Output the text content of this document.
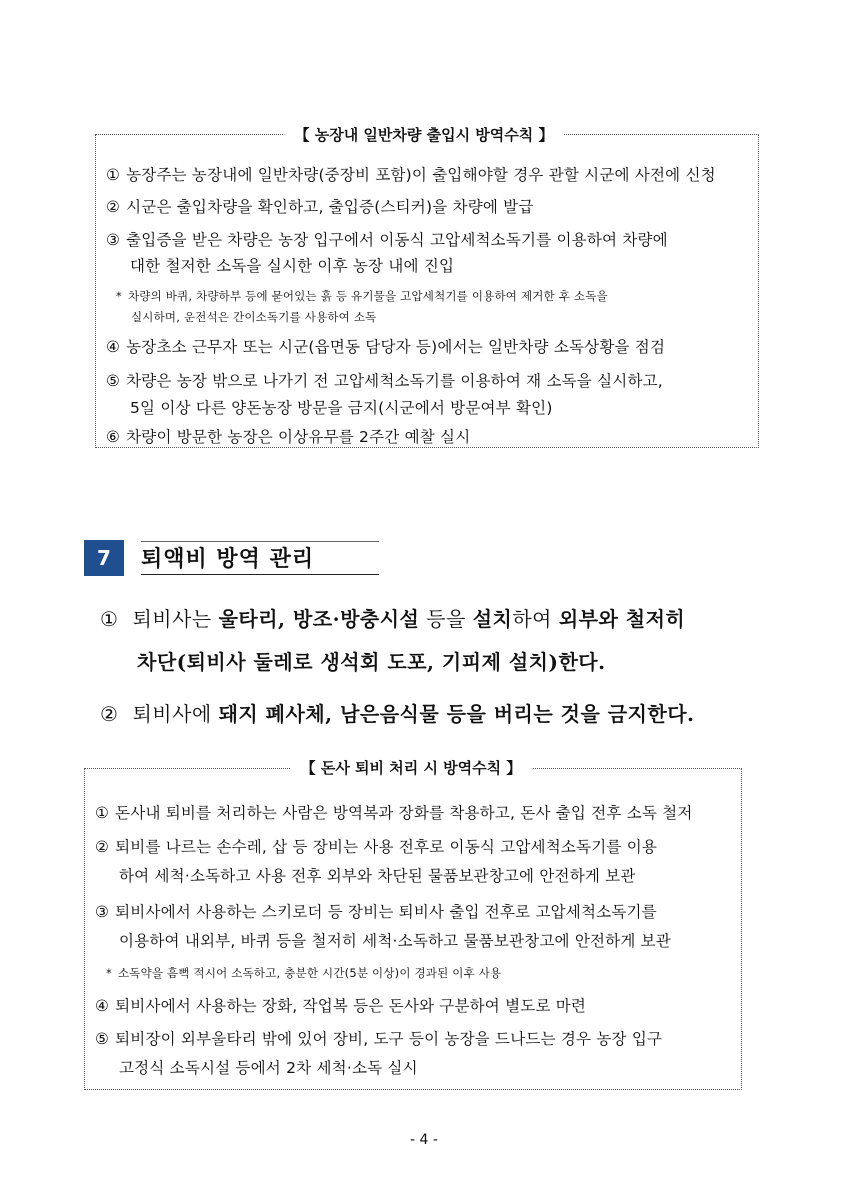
【 농장내 일반차량 출입시 방역수칙 】
① 농장주는 농장내에 일반차량(중장비 포함)이 출입해야할 경우 관할 시군에 사전에 신청
② 시군은 출입차량을 확인하고, 출입증(스티커)을 차량에 발급
③ 출입증을 받은 차량은 농장 입구에서 이동식 고압세척소독기를 이용하여 차량에
대한 철저한 소독을 실시한 이후 농장 내에 진입
* 차량의 바퀴, 차량하부 등에 묻어있는 흙 등 유기물을 고압세척기를 이용하여 제거한 후 소독을
실시하며, 운전석은 간이소독기를 사용하여 소독
④ 농장초소 근무자 또는 시군(읍면동 담당자 등)에서는 일반차량 소독상황을 점검
⑤ 차량은 농장 밖으로 나가기 전 고압세척소독기를 이용하여 재 소독을 실시하고,
5일 이상 다른 양돈농장 방문을 금지(시군에서 방문여부 확인)
⑥ 차량이 방문한 농장은 이상유무를 2주간 예찰 실시
7	퇴액비 방역 관리
① 퇴비사는 울타리, 방조·방충시설 등을 설치하여 외부와 철저히
차단(퇴비사 둘레로 생석회 도포, 기피제 설치)한다.
② 퇴비사에 돼지 폐사체, 남은음식물 등을 버리는 것을 금지한다.
【 돈사 퇴비 처리 시 방역수칙 】
① 돈사내 퇴비를 처리하는 사람은 방역복과 장화를 착용하고, 돈사 출입 전후 소독 철저
② 퇴비를 나르는 손수레, 삽 등 장비는 사용 전후로 이동식 고압세척소독기를 이용
하여 세척·소독하고 사용 전후 외부와 차단된 물품보관창고에 안전하게 보관
③ 퇴비사에서 사용하는 스키로더 등 장비는 퇴비사 출입 전후로 고압세척소독기를
이용하여 내외부, 바퀴 등을 철저히 세척·소독하고 물품보관창고에 안전하게 보관
* 소독약을 흠뻑 적시어 소독하고, 충분한 시간(5분 이상)이 경과된 이후 사용
④ 퇴비사에서 사용하는 장화, 작업복 등은 돈사와 구분하여 별도로 마련
⑤ 퇴비장이 외부울타리 밖에 있어 장비, 도구 등이 농장을 드나드는 경우 농장 입구
고정식 소독시설 등에서 2차 세척·소독 실시
- 4 -
